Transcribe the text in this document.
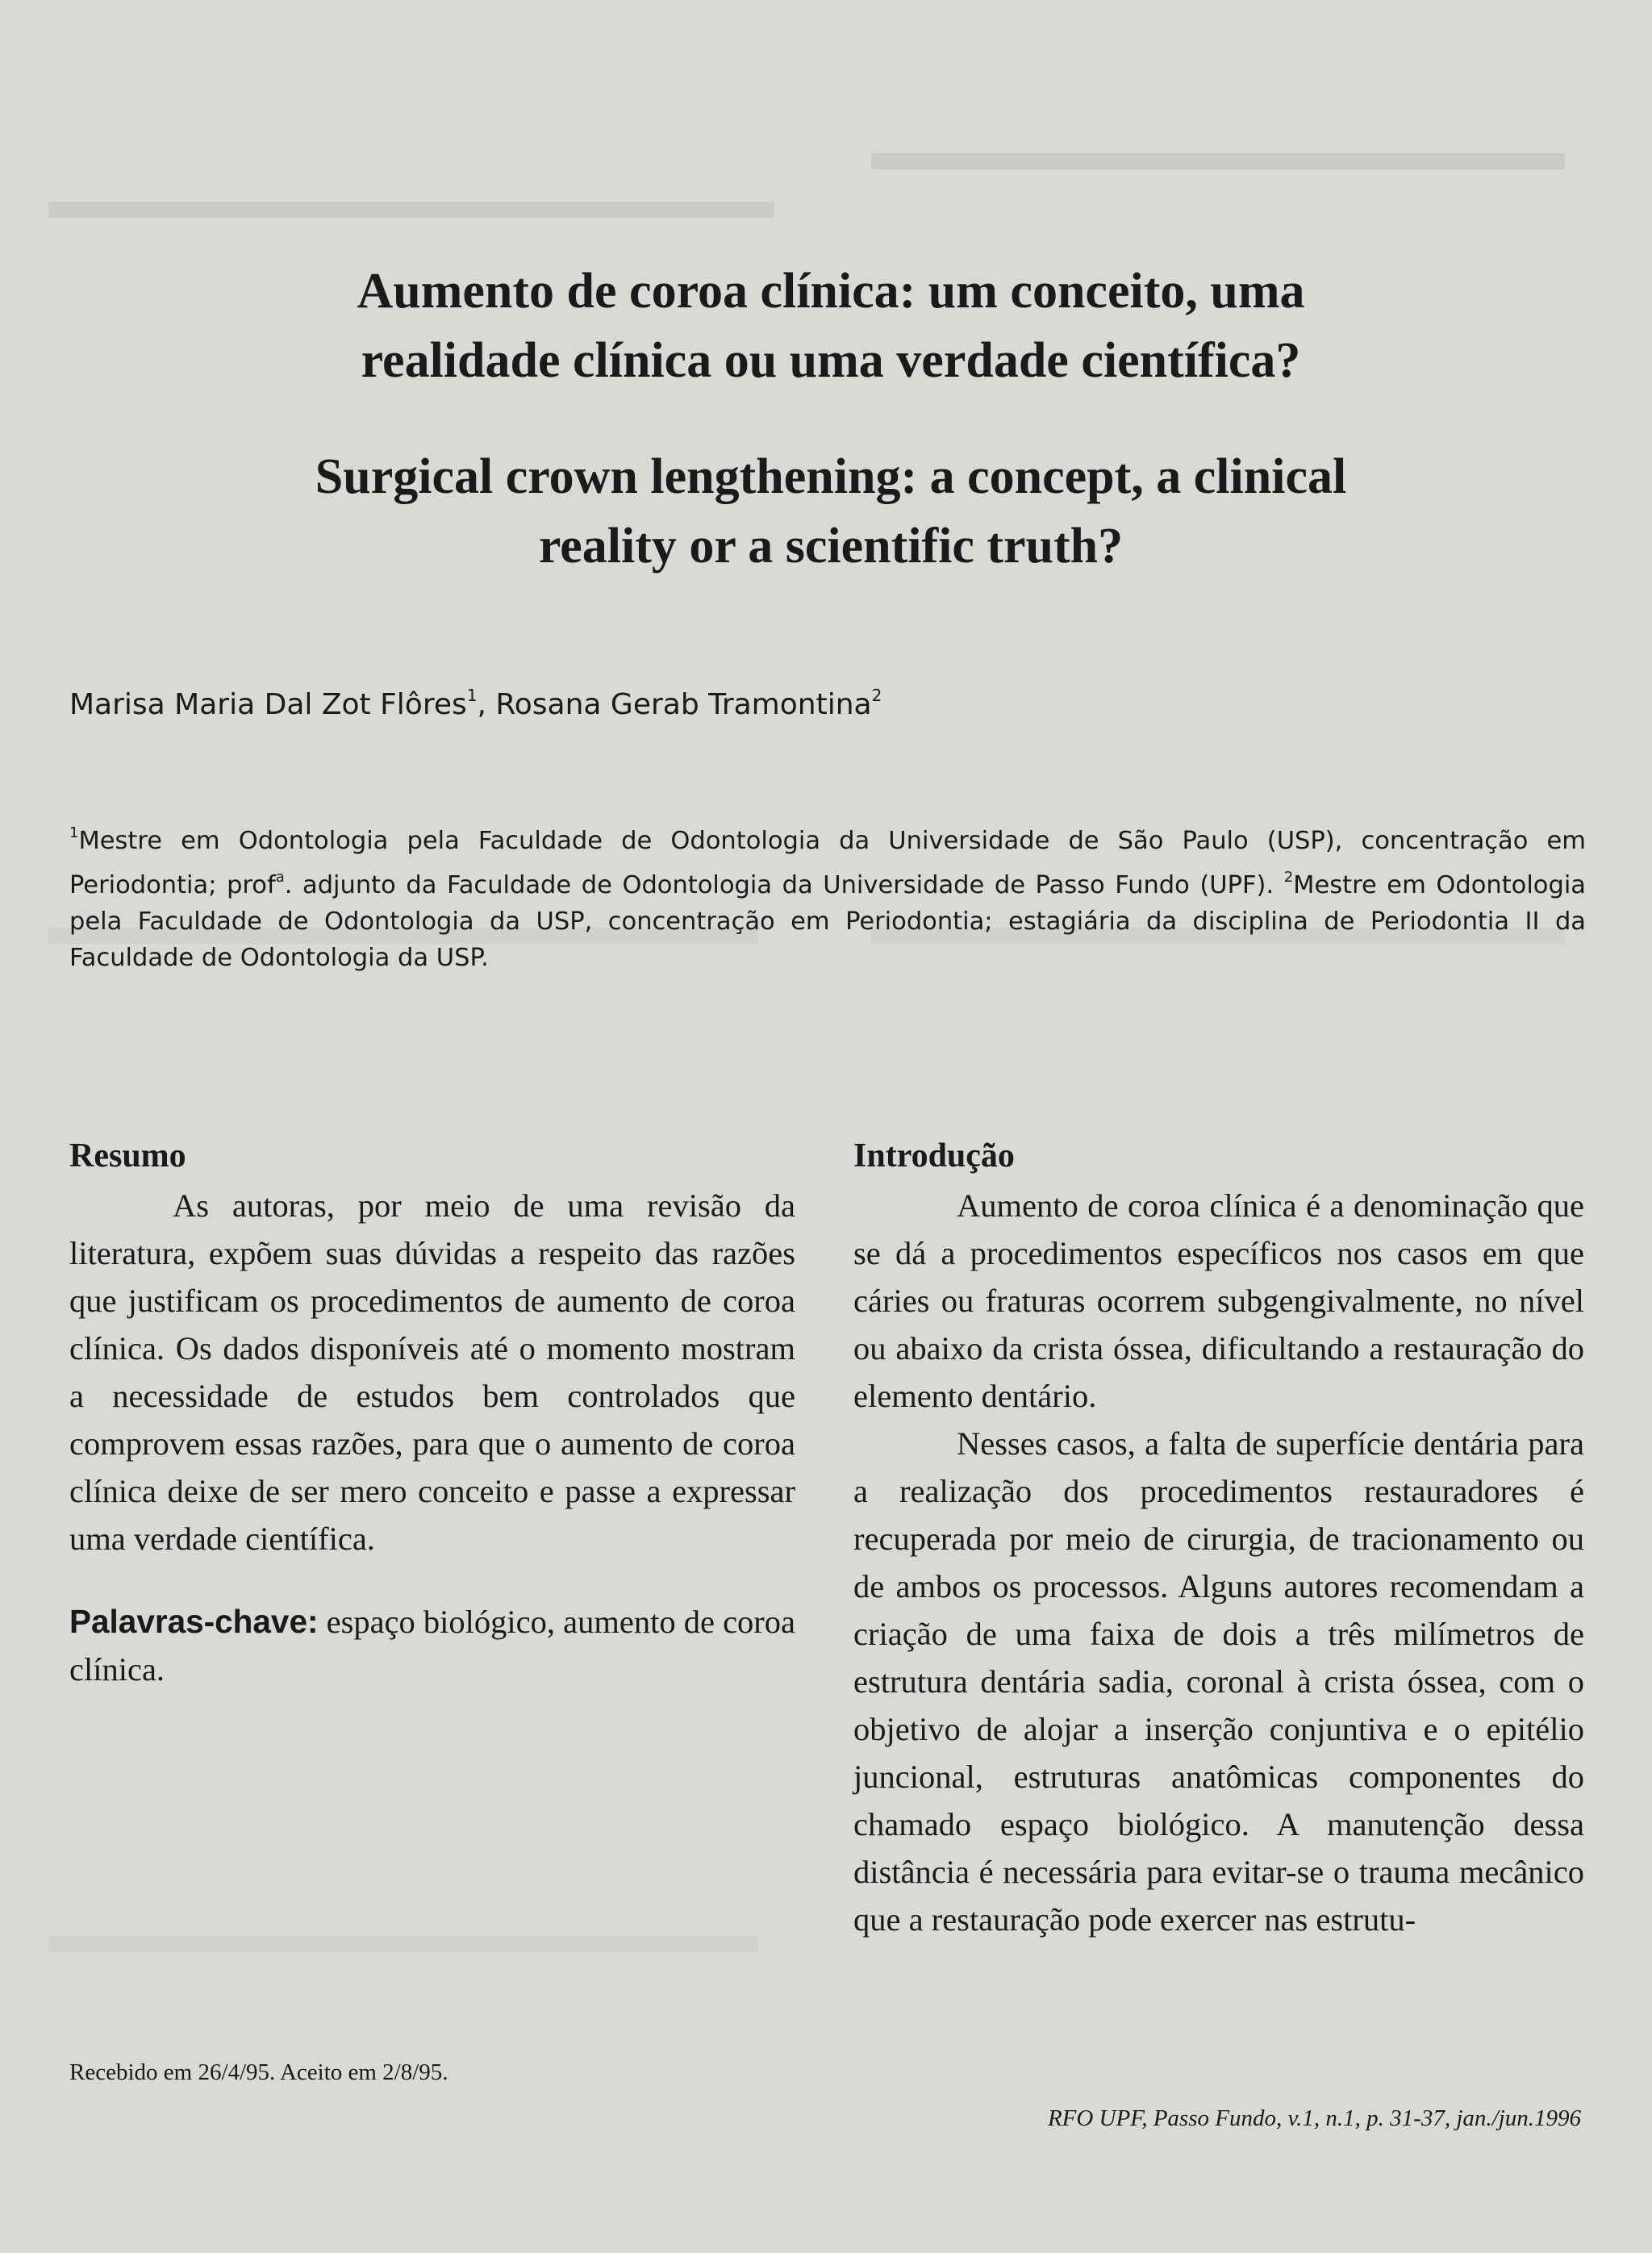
Aumento de coroa clínica: um conceito, uma
realidade clínica ou uma verdade científica?
Surgical crown lengthening: a concept, a clinical
reality or a scientific truth?
Marisa Maria Dal Zot Flôres$^1$, Rosana Gerab Tramontina$^2$
$^1$Mestre em Odontologia pela Faculdade de Odontologia da Universidade de São Paulo (USP), concentração em Periodontia; prof$^a$. adjunto da Faculdade de Odontologia da Universidade de Passo Fundo (UPF). $^2$Mestre em Odontologia pela Faculdade de Odontologia da USP, concentração em Periodontia; estagiária da disciplina de Periodontia II da Faculdade de Odontologia da USP.
Resumo

As autoras, por meio de uma revisão da literatura, expõem suas dúvidas a respeito das razões que justificam os procedimentos de aumento de coroa clínica. Os dados disponíveis até o momento mostram a necessidade de estudos bem controlados que comprovem essas razões, para que o aumento de coroa clínica deixe de ser mero conceito e passe a expressar uma verdade científica.

Palavras-chave: espaço biológico, aumento de coroa clínica.

Introdução

Aumento de coroa clínica é a denominação que se dá a procedimentos específicos nos casos em que cáries ou fraturas ocorrem subgengivalmente, no nível ou abaixo da crista óssea, dificultando a restauração do elemento dentário.

Nesses casos, a falta de superfície dentária para a realização dos procedimentos restauradores é recuperada por meio de cirurgia, de tracionamento ou de ambos os processos. Alguns autores recomendam a criação de uma faixa de dois a três milímetros de estrutura dentária sadia, coronal à crista óssea, com o objetivo de alojar a inserção conjuntiva e o epitélio juncional, estruturas anatômicas componentes do chamado espaço biológico. A manutenção dessa distância é necessária para evitar-se o trauma mecânico que a restauração pode exercer nas estrutu-

Recebido em 26/4/95. Aceito em 2/8/95.
RFO UPF, Passo Fundo, v.1, n.1, p. 31-37, jan./jun.1996
